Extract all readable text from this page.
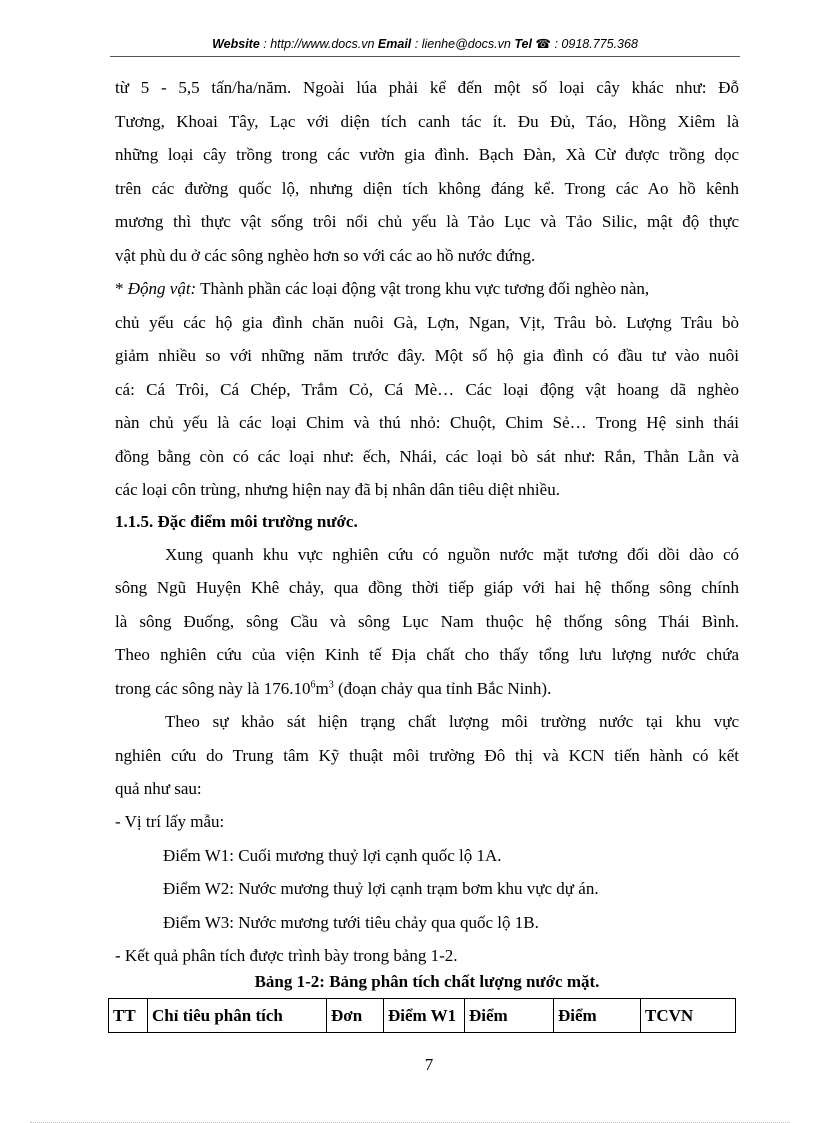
Website : http://www.docs.vn Email : lienhe@docs.vn Tel ☎ : 0918.775.368
từ 5 - 5,5 tấn/ha/năm. Ngoài lúa phải kể đến một số loại cây khác như: Đỗ
Tương, Khoai Tây, Lạc với diện tích canh tác ít. Đu Đủ, Táo, Hồng Xiêm là
những loại cây trồng trong các vườn gia đình. Bạch Đàn, Xà Cừ được trồng dọc
trên các đường quốc lộ, nhưng diện tích không đáng kể. Trong các Ao hồ kênh
mương thì thực vật sống trôi nổi chủ yếu là Tảo Lục và Tảo Silic, mật độ thực
vật phù du ở các sông nghèo hơn so với các ao hồ nước đứng.
* Động vật: Thành phần các loại động vật trong khu vực tương đối nghèo nàn,
chủ yếu các hộ gia đình chăn nuôi Gà, Lợn, Ngan, Vịt, Trâu bò. Lượng Trâu bò
giảm nhiều so với những năm trước đây. Một số hộ gia đình có đầu tư vào nuôi
cá: Cá Trôi, Cá Chép, Trắm Cỏ, Cá Mè… Các loại động vật hoang dã nghèo
nàn chủ yếu là các loại Chim và thú nhỏ: Chuột, Chim Sẻ… Trong Hệ sinh thái
đồng bằng còn có các loại như: ếch, Nhái, các loại bò sát như: Rắn, Thằn Lằn và
các loại côn trùng, nhưng hiện nay đã bị nhân dân tiêu diệt nhiều.
1.1.5. Đặc điểm môi trường nước.
Xung quanh khu vực nghiên cứu có nguồn nước mặt tương đối dồi dào có
sông Ngũ Huyện Khê chảy, qua đồng thời tiếp giáp với hai hệ thống sông chính
là sông Đuống, sông Cầu và sông Lục Nam thuộc hệ thống sông Thái Bình.
Theo nghiên cứu của viện Kinh tế Địa chất cho thấy tổng lưu lượng nước chứa
trong các sông này là $176.10^6m^3$ (đoạn chảy qua tỉnh Bắc Ninh).
Theo sự khảo sát hiện trạng chất lượng môi trường nước tại khu vực
nghiên cứu do Trung tâm Kỹ thuật môi trường Đô thị và KCN tiến hành có kết
quả như sau:
- Vị trí lấy mẫu:
Điểm W1: Cuối mương thuỷ lợi cạnh quốc lộ 1A.
Điểm W2: Nước mương thuỷ lợi cạnh trạm bơm khu vực dự án.
Điểm W3: Nước mương tưới tiêu chảy qua quốc lộ 1B.
- Kết quả phân tích được trình bày trong bảng 1-2.
Bảng 1-2: Bảng phân tích chất lượng nước mặt.
TT	Chỉ tiêu phân tích	Đơn	Điểm W1	Điểm	Điểm	TCVN
7
